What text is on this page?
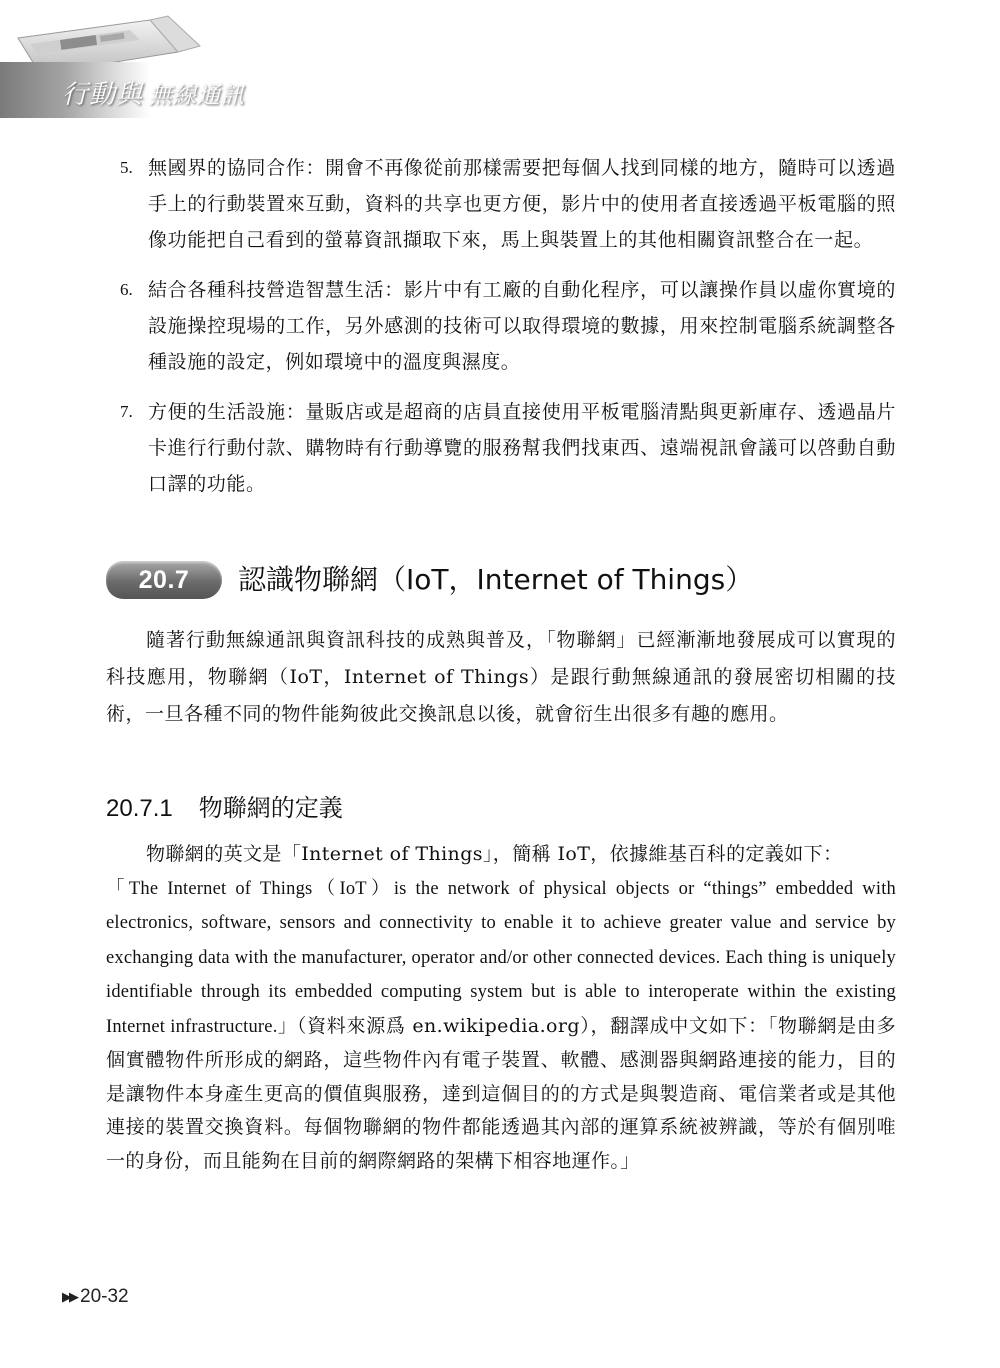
行動與 無線通訊
5. 無國界的協同合作：開會不再像從前那樣需要把每個人找到同樣的地方，隨時可以透過手上的行動裝置來互動，資料的共享也更方便，影片中的使用者直接透過平板電腦的照像功能把自己看到的螢幕資訊擷取下來，馬上與裝置上的其他相關資訊整合在一起。
6. 結合各種科技營造智慧生活：影片中有工廠的自動化程序，可以讓操作員以虛你實境的設施操控現場的工作，另外感測的技術可以取得環境的數據，用來控制電腦系統調整各種設施的設定，例如環境中的溫度與濕度。
7. 方便的生活設施：量販店或是超商的店員直接使用平板電腦清點與更新庫存、透過晶片卡進行行動付款、購物時有行動導覽的服務幫我們找東西、遠端視訊會議可以啓動自動口譯的功能。
20.7	認識物聯網（IoT，Internet of Things）

隨著行動無線通訊與資訊科技的成熟與普及，「物聯網」已經漸漸地發展成可以實現的科技應用，物聯網（IoT，Internet of Things）是跟行動無線通訊的發展密切相關的技術，一旦各種不同的物件能夠彼此交換訊息以後，就會衍生出很多有趣的應用。

20.7.1 物聯網的定義
物聯網的英文是「Internet of Things」，簡稱 IoT，依據維基百科的定義如下：
「The Internet of Things（IoT）is the network of physical objects or “things” embedded with electronics, software, sensors and connectivity to enable it to achieve greater value and service by exchanging data with the manufacturer, operator and/or other connected devices. Each thing is uniquely identifiable through its embedded computing system but is able to interoperate within the existing Internet infrastructure.」（資料來源爲 en.wikipedia.org），翻譯成中文如下：「物聯網是由多個實體物件所形成的網路，這些物件內有電子裝置、軟體、感測器與網路連接的能力，目的是讓物件本身產生更高的價值與服務，達到這個目的的方式是與製造商、電信業者或是其他連接的裝置交換資料。每個物聯網的物件都能透過其內部的運算系統被辨識，等於有個別唯一的身份，而且能夠在目前的網際網路的架構下相容地運作。」
▶▶ 20-32
